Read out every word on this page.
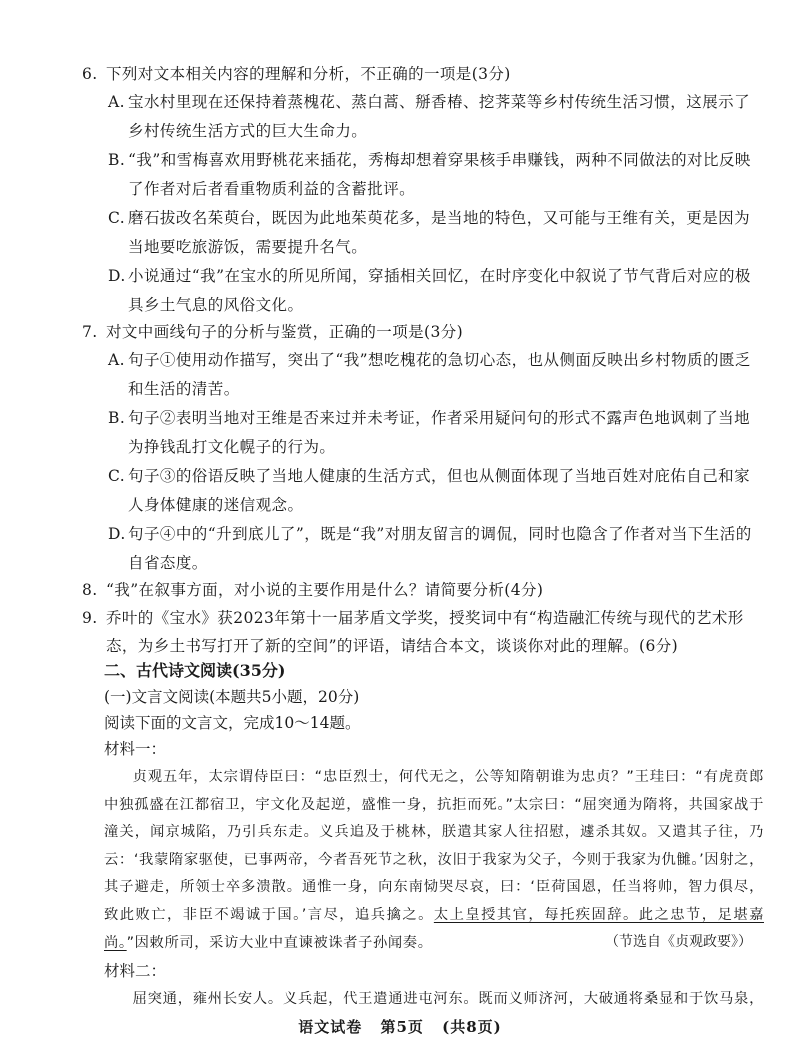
6. 下列对文本相关内容的理解和分析，不正确的一项是(3分)
A. 宝水村里现在还保持着蒸槐花、蒸白蒿、掰香椿、挖荠菜等乡村传统生活习惯，这展示了乡村传统生活方式的巨大生命力。
B. “我”和雪梅喜欢用野桃花来插花，秀梅却想着穿果核手串赚钱，两种不同做法的对比反映了作者对后者看重物质利益的含蓄批评。
C. 磨石拔改名茱萸台，既因为此地茱萸花多，是当地的特色，又可能与王维有关，更是因为当地要吃旅游饭，需要提升名气。
D. 小说通过“我”在宝水的所见所闻，穿插相关回忆，在时序变化中叙说了节气背后对应的极具乡土气息的风俗文化。
7. 对文中画线句子的分析与鉴赏，正确的一项是(3分)
A. 句子①使用动作描写，突出了“我”想吃槐花的急切心态，也从侧面反映出乡村物质的匮乏和生活的清苦。
B. 句子②表明当地对王维是否来过并未考证，作者采用疑问句的形式不露声色地讽刺了当地为挣钱乱打文化幌子的行为。
C. 句子③的俗语反映了当地人健康的生活方式，但也从侧面体现了当地百姓对庇佑自己和家人身体健康的迷信观念。
D. 句子④中的“升到底儿了”，既是“我”对朋友留言的调侃，同时也隐含了作者对当下生活的自省态度。
8. “我”在叙事方面，对小说的主要作用是什么？请简要分析(4分)
9. 乔叶的《宝水》获2023年第十一届茅盾文学奖，授奖词中有“构造融汇传统与现代的艺术形态，为乡土书写打开了新的空间”的评语，请结合本文，谈谈你对此的理解。(6分)
二、古代诗文阅读(35分)
(一)文言文阅读(本题共5小题，20分)
阅读下面的文言文，完成10～14题。
材料一：
贞观五年，太宗谓侍臣曰：“忠臣烈士，何代无之，公等知隋朝谁为忠贞？”王珪曰：“有虎贲郎中独孤盛在江都宿卫，宇文化及起逆，盛惟一身，抗拒而死。”太宗曰：“屈突通为隋将，共国家战于潼关，闻京城陷，乃引兵东走。义兵追及于桃林，朕遣其家人往招慰，遽杀其奴。又遣其子往，乃云：‘我蒙隋家驱使，已事两帝，今者吾死节之秋，汝旧于我家为父子，今则于我家为仇雠。’因射之，其子避走，所领士卒多溃散。通惟一身，向东南恸哭尽哀，曰：‘臣荷国恩，任当将帅，智力俱尽，致此败亡，非臣不竭诚于国。’言尽，追兵擒之。太上皇授其官，每托疾固辞。此之忠节，足堪嘉尚。”因敕所司，采访大业中直谏被诛者子孙闻奏。	（节选自《贞观政要》）
材料二：
屈突通，雍州长安人。义兵起，代王遣通进屯河东。既而义师济河，大破通将桑显和于饮马泉，
语文试卷 第5页 (共8页)
